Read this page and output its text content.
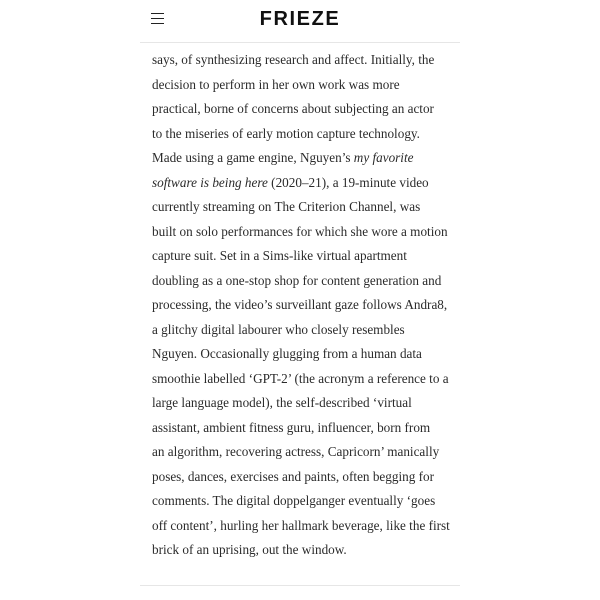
FRIEZE

says, of synthesizing research and affect. Initially, the
decision to perform in her own work was more
practical, borne of concerns about subjecting an actor
to the miseries of early motion capture technology.
Made using a game engine, Nguyen’s my favorite
software is being here (2020–21), a 19-minute video
currently streaming on The Criterion Channel, was
built on solo performances for which she wore a motion
capture suit. Set in a Sims-like virtual apartment
doubling as a one-stop shop for content generation and
processing, the video’s surveillant gaze follows Andra8,
a glitchy digital labourer who closely resembles
Nguyen. Occasionally glugging from a human data
smoothie labelled ‘GPT-2’ (the acronym a reference to a
large language model), the self-described ‘virtual
assistant, ambient fitness guru, influencer, born from
an algorithm, recovering actress, Capricorn’ manically
poses, dances, exercises and paints, often begging for
comments. The digital doppelganger eventually ‘goes
off content’, hurling her hallmark beverage, like the first
brick of an uprising, out the window.
